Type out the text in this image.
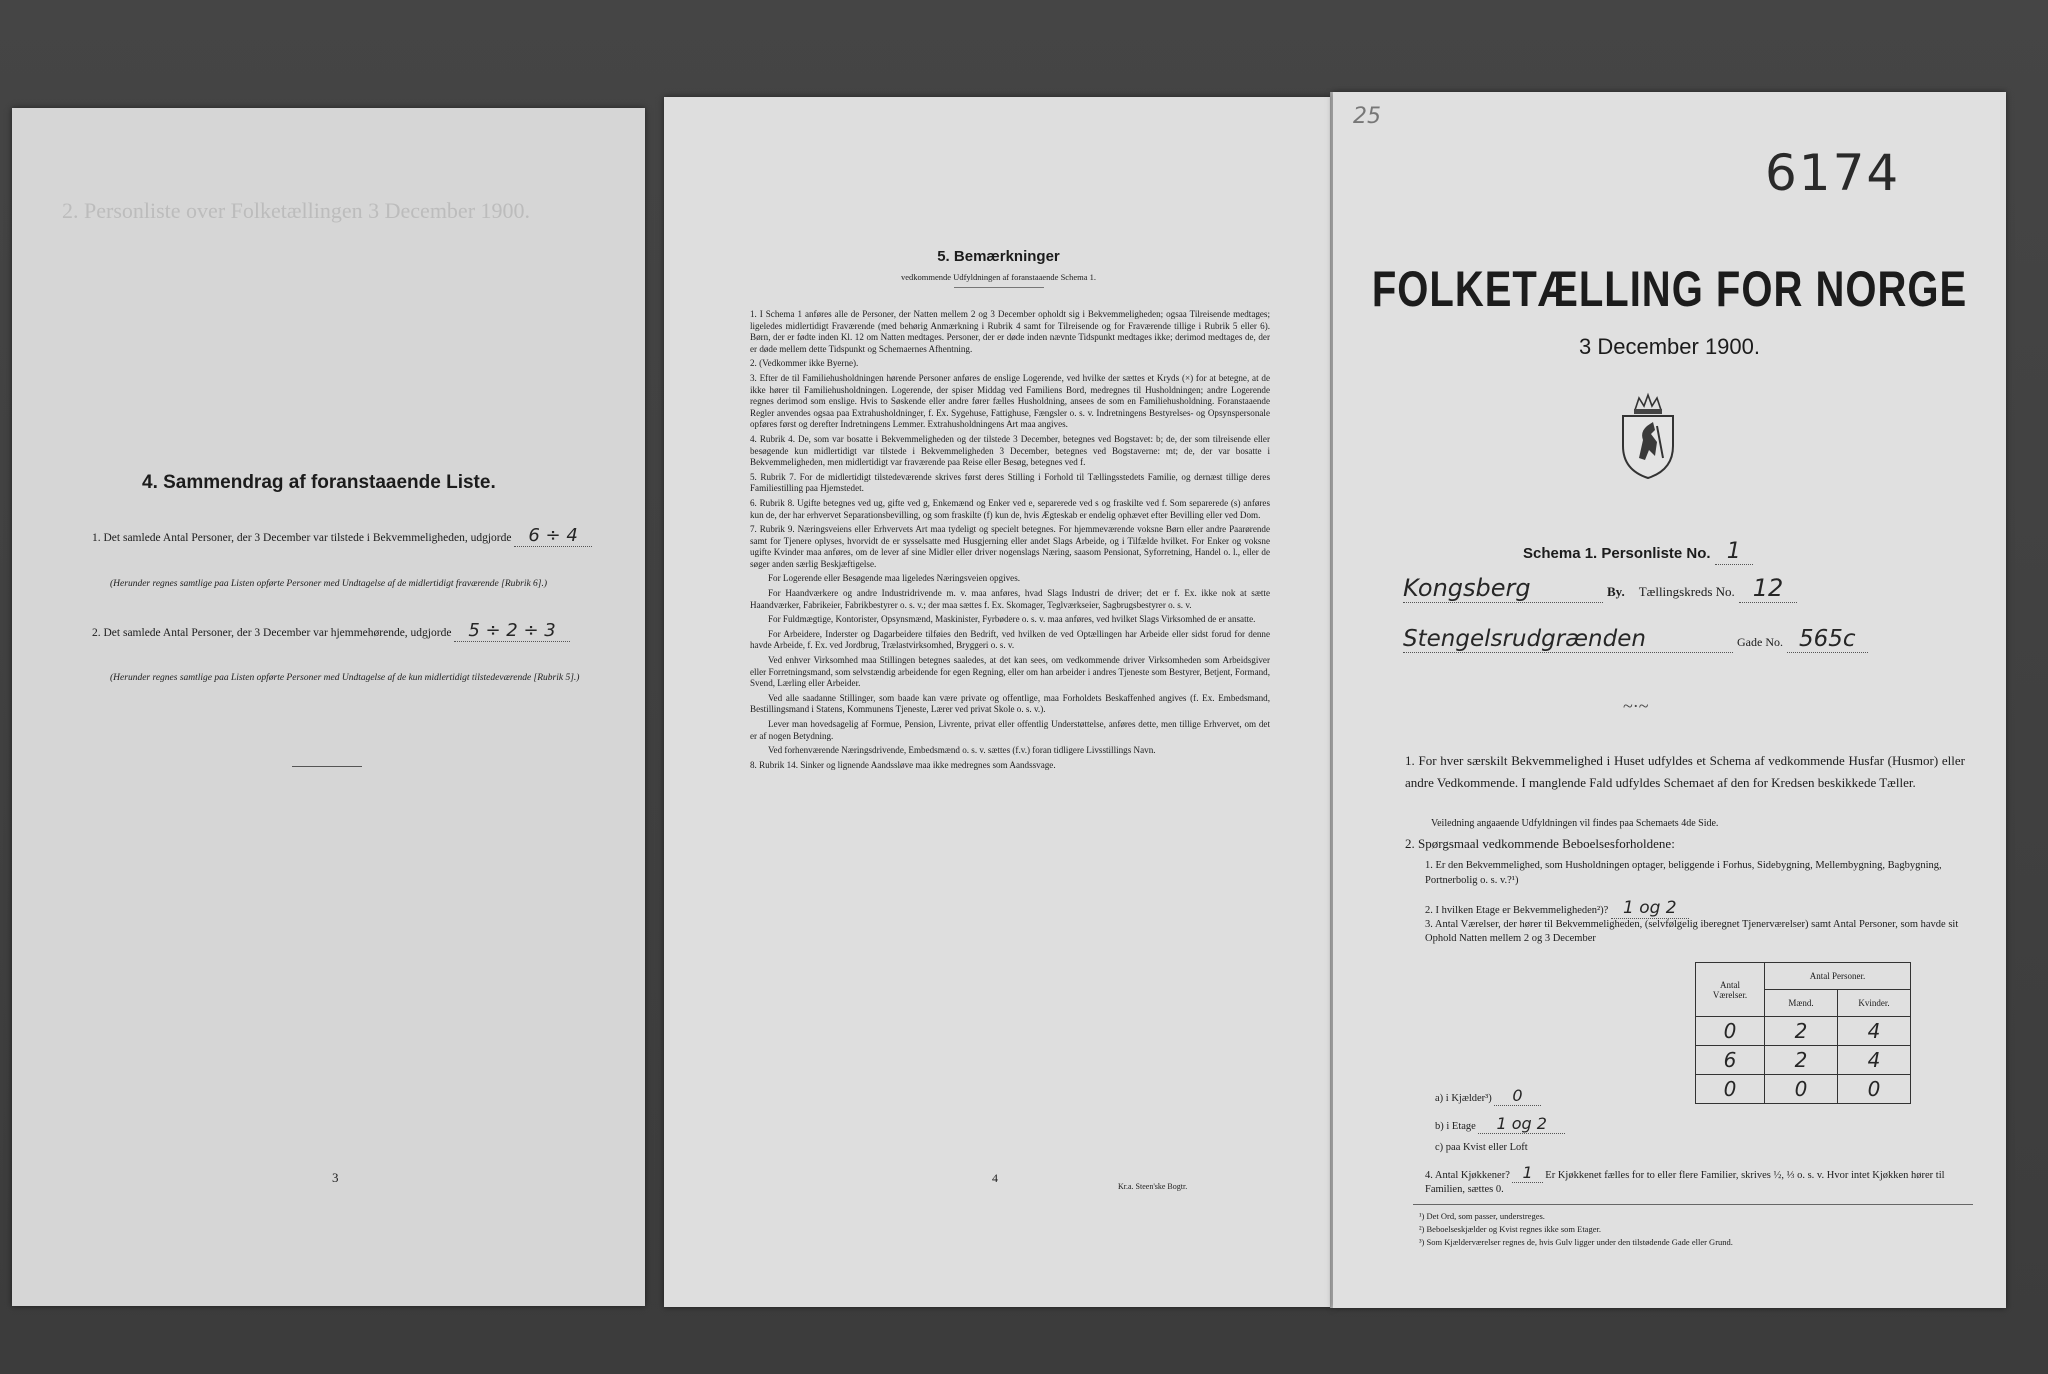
2. Personliste over Folketællingen 3 December 1900.
4. Sammendrag af foranstaaende Liste.
1. Det samlede Antal Personer, der 3 December var tilstede i Bekvemmeligheden, udgjorde 6 ÷ 4
(Herunder regnes samtlige paa Listen opførte Personer med Undtagelse af de midlertidigt fraværende [Rubrik 6].)
2. Det samlede Antal Personer, der 3 December var hjemmehørende, udgjorde 5 ÷ 2 ÷ 3
(Herunder regnes samtlige paa Listen opførte Personer med Undtagelse af de kun midlertidigt tilstedeværende [Rubrik 5].)
3
5. Bemærkninger
vedkommende Udfyldningen af foranstaaende Schema 1.
1. I Schema 1 anføres alle de Personer, der Natten mellem 2 og 3 December opholdt sig i Bekvemmeligheden; ogsaa Tilreisende medtages; ligeledes midlertidigt Fraværende (med behørig Anmærkning i Rubrik 4 samt for Tilreisende og for Fraværende tillige i Rubrik 5 eller 6). Børn, der er fødte inden Kl. 12 om Natten medtages. Personer, der er døde inden nævnte Tidspunkt medtages ikke; derimod medtages de, der er døde mellem dette Tidspunkt og Schemaernes Afhentning.
2. (Vedkommer ikke Byerne).
3. Efter de til Familiehusholdningen hørende Personer anføres de enslige Logerende, ved hvilke der sættes et Kryds (×) for at betegne, at de ikke hører til Familiehusholdningen. Logerende, der spiser Middag ved Familiens Bord, medregnes til Husholdningen; andre Logerende regnes derimod som enslige. Hvis to Søskende eller andre fører fælles Husholdning, ansees de som en Familiehusholdning. Foranstaaende Regler anvendes ogsaa paa Extrahusholdninger, f. Ex. Sygehuse, Fattighuse, Fængsler o. s. v. Indretningens Bestyrelses- og Opsynspersonale opføres først og derefter Indretningens Lemmer. Extrahusholdningens Art maa angives.
4. Rubrik 4. De, som var bosatte i Bekvemmeligheden og der tilstede 3 December, betegnes ved Bogstavet: b; de, der som tilreisende eller besøgende kun midlertidigt var tilstede i Bekvemmeligheden 3 December, betegnes ved Bogstaverne: mt; de, der var bosatte i Bekvemmeligheden, men midlertidigt var fraværende paa Reise eller Besøg, betegnes ved f.
5. Rubrik 7. For de midlertidigt tilstedeværende skrives først deres Stilling i Forhold til Tællingsstedets Familie, og dernæst tillige deres Familiestilling paa Hjemstedet.
6. Rubrik 8. Ugifte betegnes ved ug, gifte ved g, Enkemænd og Enker ved e, separerede ved s og fraskilte ved f. Som separerede (s) anføres kun de, der har erhvervet Separationsbevilling, og som fraskilte (f) kun de, hvis Ægteskab er endelig ophævet efter Bevilling eller ved Dom.
7. Rubrik 9. Næringsveiens eller Erhvervets Art maa tydeligt og specielt betegnes. For hjemmeværende voksne Børn eller andre Paarørende samt for Tjenere oplyses, hvorvidt de er sysselsatte med Husgjerning eller andet Slags Arbeide, og i Tilfælde hvilket. For Enker og voksne ugifte Kvinder maa anføres, om de lever af sine Midler eller driver nogenslags Næring, saasom Pensionat, Syforretning, Handel o. l., eller de søger anden særlig Beskjæftigelse.
For Logerende eller Besøgende maa ligeledes Næringsveien opgives.
For Haandværkere og andre Industridrivende m. v. maa anføres, hvad Slags Industri de driver; det er f. Ex. ikke nok at sætte Haandværker, Fabrikeier, Fabrikbestyrer o. s. v.; der maa sættes f. Ex. Skomager, Teglværkseier, Sagbrugsbestyrer o. s. v.
For Fuldmægtige, Kontorister, Opsynsmænd, Maskinister, Fyrbødere o. s. v. maa anføres, ved hvilket Slags Virksomhed de er ansatte.
For Arbeidere, Inderster og Dagarbeidere tilføies den Bedrift, ved hvilken de ved Optællingen har Arbeide eller sidst forud for denne havde Arbeide, f. Ex. ved Jordbrug, Trælastvirksomhed, Bryggeri o. s. v.
Ved enhver Virksomhed maa Stillingen betegnes saaledes, at det kan sees, om vedkommende driver Virksomheden som Arbeidsgiver eller Forretningsmand, som selvstændig arbeidende for egen Regning, eller om han arbeider i andres Tjeneste som Bestyrer, Betjent, Formand, Svend, Lærling eller Arbeider.
Ved alle saadanne Stillinger, som baade kan være private og offentlige, maa Forholdets Beskaffenhed angives (f. Ex. Embedsmand, Bestillingsmand i Statens, Kommunens Tjeneste, Lærer ved privat Skole o. s. v.).
Lever man hovedsagelig af Formue, Pension, Livrente, privat eller offentlig Understøttelse, anføres dette, men tillige Erhvervet, om det er af nogen Betydning.
Ved forhenværende Næringsdrivende, Embedsmænd o. s. v. sættes (f.v.) foran tidligere Livsstillings Navn.
8. Rubrik 14. Sinker og lignende Aandssløve maa ikke medregnes som Aandssvage.
4
Kr.a. Steen'ske Bogtr.
25
6174
FOLKETÆLLING FOR NORGE
3 December 1900.
Schema 1. Personliste No. 1
Kongsberg	By. Tællingskreds No. 12
Stengelsrudgrænden	Gade No. 565c
~·~
1. For hver særskilt Bekvemmelighed i Huset udfyldes et Schema af vedkommende Husfar (Husmor) eller andre Vedkommende. I manglende Fald udfyldes Schemaet af den for Kredsen beskikkede Tæller.
Veiledning angaaende Udfyldningen vil findes paa Schemaets 4de Side.
2. Spørgsmaal vedkommende Beboelsesforholdene:
1. Er den Bekvemmelighed, som Husholdningen optager, beliggende i Forhus, Sidebygning, Mellembygning, Bagbygning, Portnerbolig o. s. v.?¹)
2. I hvilken Etage er Bekvemmeligheden²)? 1 og 2
3. Antal Værelser, der hører til Bekvemmeligheden, (selvfølgelig iberegnet Tjenerværelser) samt Antal Personer, som havde sit Ophold Natten mellem 2 og 3 December
Antal Værelser.	Antal Personer.	
	Mænd.	Kvinder.
0	2	4
6	2	4
0	0	0
a) i Kjælder³) 0
b) i Etage 1 og 2
c) paa Kvist eller Loft
4. Antal Kjøkkener? 1 Er Kjøkkenet fælles for to eller flere Familier, skrives ½, ⅓ o. s. v. Hvor intet Kjøkken hører til Familien, sættes 0.
¹) Det Ord, som passer, understreges.
²) Beboelseskjælder og Kvist regnes ikke som Etager.
³) Som Kjælderværelser regnes de, hvis Gulv ligger under den tilstødende Gade eller Grund.
